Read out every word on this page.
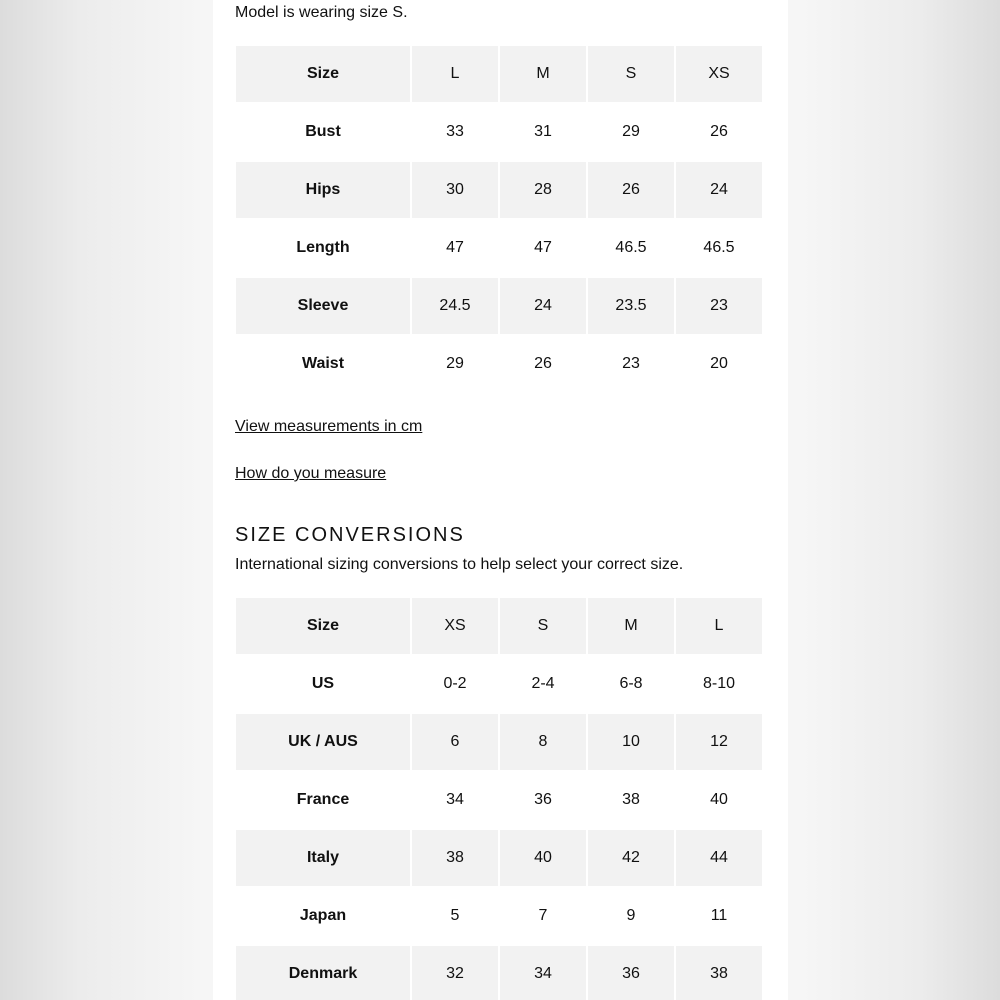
Model is wearing size S.
Size	L	M	S	XS
Bust	33	31	29	26
Hips	30	28	26	24
Length	47	47	46.5	46.5
Sleeve	24.5	24	23.5	23
Waist	29	26	23	20
View measurements in cm
How do you measure
SIZE CONVERSIONS
International sizing conversions to help select your correct size.
Size	XS	S	M	L
US	0-2	2-4	6-8	8-10
UK / AUS	6	8	10	12
France	34	36	38	40
Italy	38	40	42	44
Japan	5	7	9	11
Denmark	32	34	36	38
